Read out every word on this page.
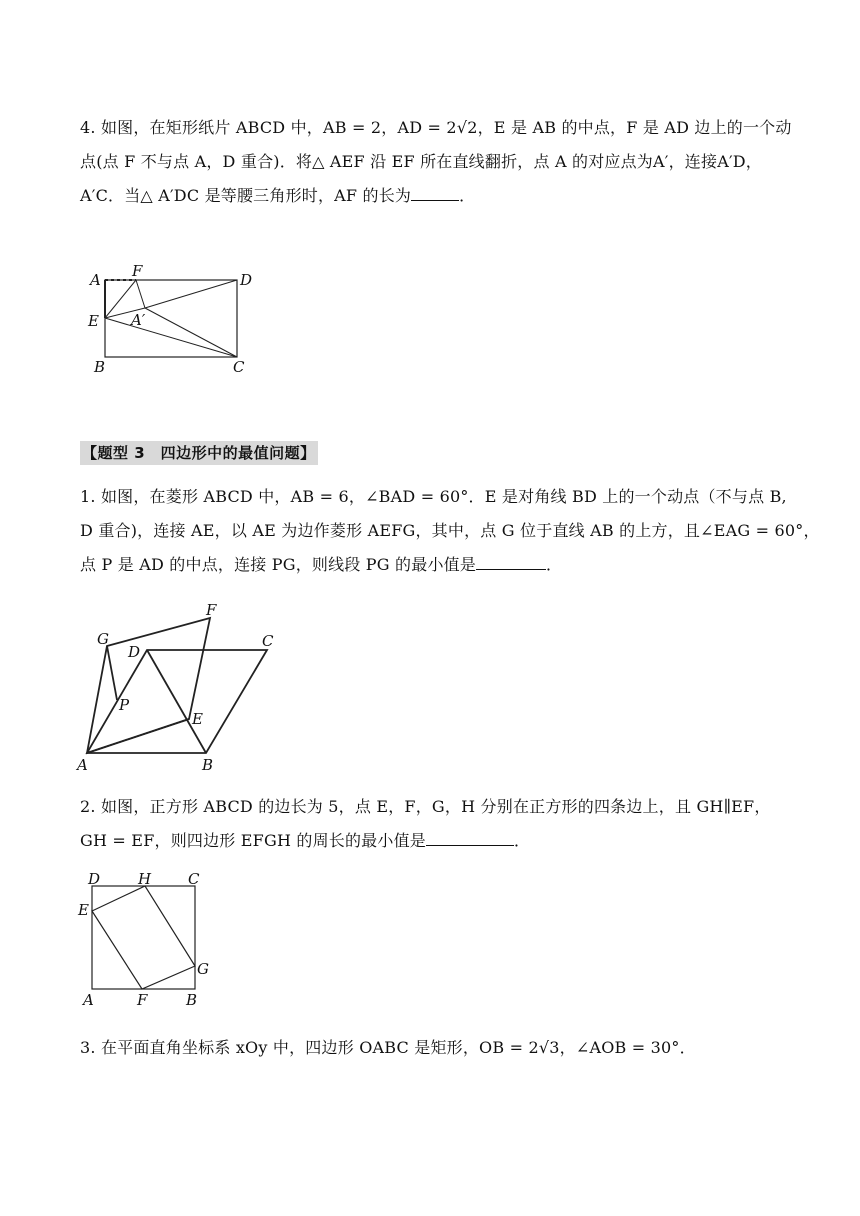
4. 如图，在矩形纸片 ABCD 中，AB = 2，AD = 2√2，E 是 AB 的中点，F 是 AD 边上的一个动
点(点 F 不与点 A，D 重合)．将△ AEF 沿 EF 所在直线翻折，点 A 的对应点为A′，连接A′D，
A′C．当△ A′DC 是等腰三角形时，AF 的长为	．
A F	D
E A′
B	C
【题型 3　四边形中的最值问题】
1. 如图，在菱形 ABCD 中，AB = 6，∠BAD = 60°．E 是对角线 BD 上的一个动点（不与点 B,
D 重合)，连接 AE，以 AE 为边作菱形 AEFG，其中，点 G 位于直线 AB 的上方，且∠EAG = 60°，
点 P 是 AD 的中点，连接 PG，则线段 PG 的最小值是	．
G
F
D
C
P
E
A	B
2. 如图，正方形 ABCD 的边长为 5，点 E，F，G，H 分别在正方形的四条边上，且 GH∥EF，
GH = EF，则四边形 EFGH 的周长的最小值是	．
D	H C
E
G
A	F	B
3. 在平面直角坐标系 xOy 中，四边形 OABC 是矩形，OB = 2√3，∠AOB = 30°．
